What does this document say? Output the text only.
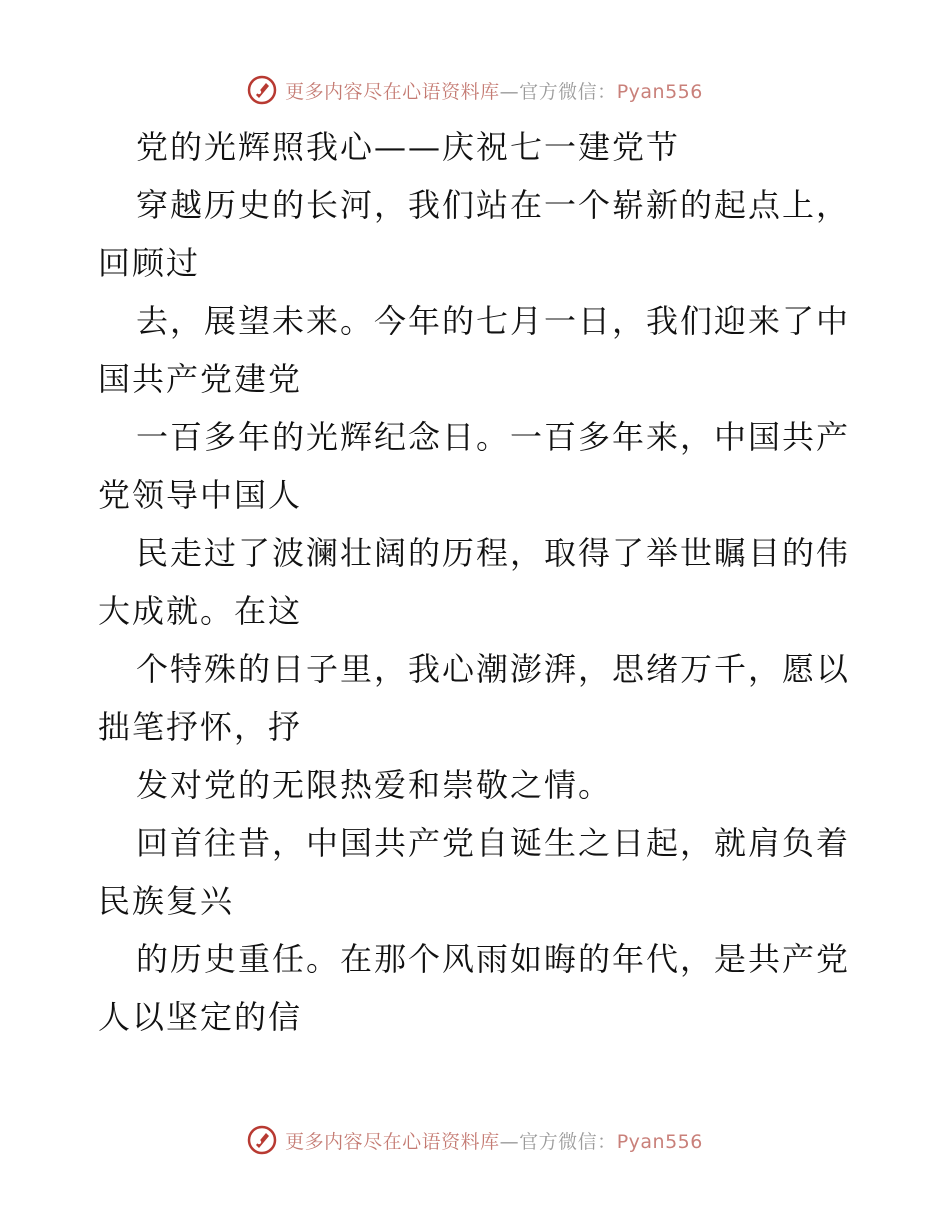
更多内容尽在心语资料库—官方微信：Pyan556
党的光辉照我心——庆祝七一建党节
穿越历史的长河，我们站在一个崭新的起点上，
回顾过
去，展望未来。今年的七月一日，我们迎来了中
国共产党建党
一百多年的光辉纪念日。一百多年来，中国共产
党领导中国人
民走过了波澜壮阔的历程，取得了举世瞩目的伟
大成就。在这
个特殊的日子里，我心潮澎湃，思绪万千，愿以
拙笔抒怀，抒
发对党的无限热爱和崇敬之情。
回首往昔，中国共产党自诞生之日起，就肩负着
民族复兴
的历史重任。在那个风雨如晦的年代，是共产党
人以坚定的信
更多内容尽在心语资料库—官方微信：Pyan556
